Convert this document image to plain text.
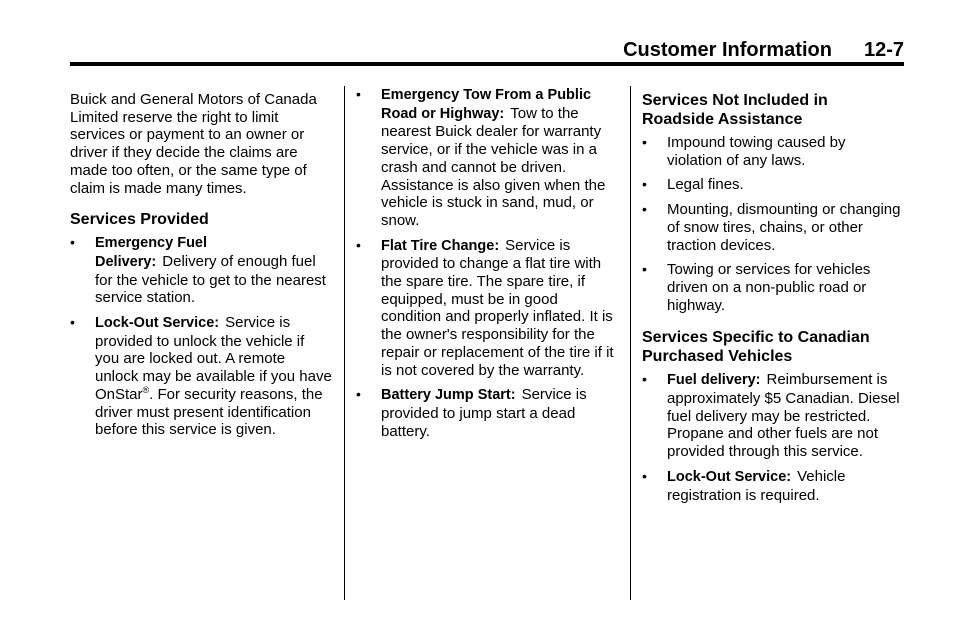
Customer Information 12-7

Buick and General Motors of Canada Limited reserve the right to limit services or payment to an owner or driver if they decide the claims are made too often, or the same type of claim is made many times.

Services Provided
• Emergency Fuel Delivery: Delivery of enough fuel for the vehicle to get to the nearest service station.
• Lock-Out Service: Service is provided to unlock the vehicle if you are locked out. A remote unlock may be available if you have OnStar®. For security reasons, the driver must present identification before this service is given.
• Emergency Tow From a Public Road or Highway: Tow to the nearest Buick dealer for warranty service, or if the vehicle was in a crash and cannot be driven. Assistance is also given when the vehicle is stuck in sand, mud, or snow.
• Flat Tire Change: Service is provided to change a flat tire with the spare tire. The spare tire, if equipped, must be in good condition and properly inflated. It is the owner's responsibility for the repair or replacement of the tire if it is not covered by the warranty.
• Battery Jump Start: Service is provided to jump start a dead battery.
Services Not Included in Roadside Assistance
• Impound towing caused by violation of any laws.
• Legal fines.
• Mounting, dismounting or changing of snow tires, chains, or other traction devices.
• Towing or services for vehicles driven on a non-public road or highway.
Services Specific to Canadian Purchased Vehicles
• Fuel delivery: Reimbursement is approximately $5 Canadian. Diesel fuel delivery may be restricted. Propane and other fuels are not provided through this service.
• Lock-Out Service: Vehicle registration is required.
